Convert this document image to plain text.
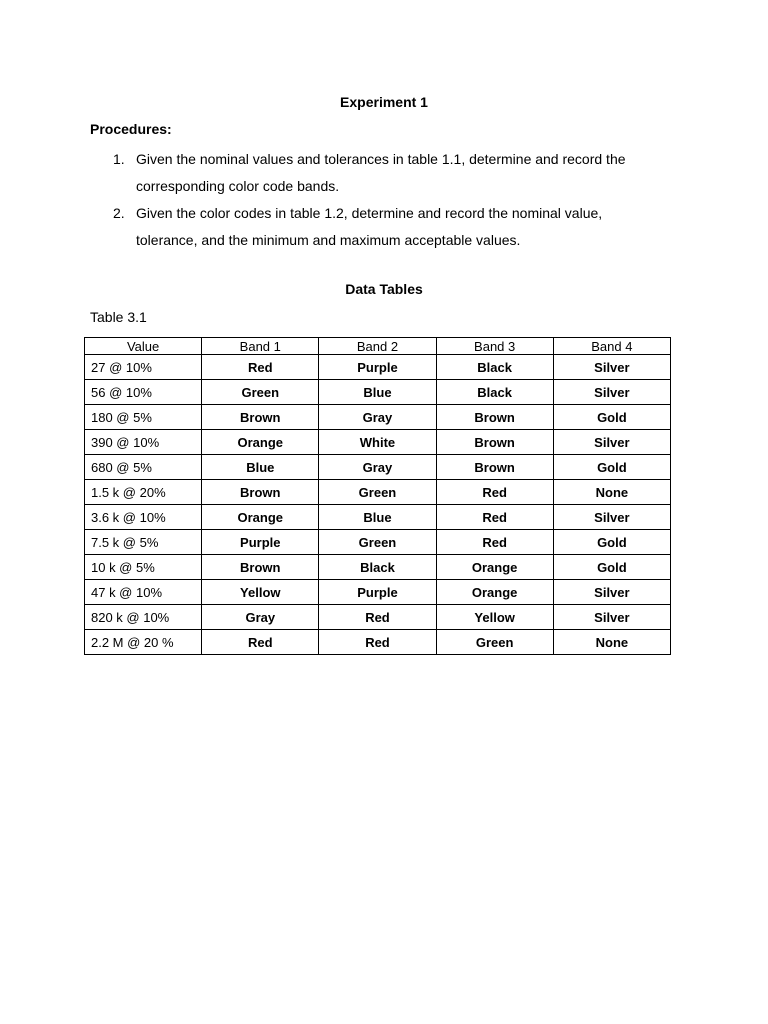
Experiment 1
Procedures:
1. Given the nominal values and tolerances in table 1.1, determine and record the
corresponding color code bands.
2. Given the color codes in table 1.2, determine and record the nominal value,
tolerance, and the minimum and maximum acceptable values.
Data Tables
Table 3.1
Value	Band 1	Band 2	Band 3	Band 4
27 @ 10%	Red	Purple	Black	Silver
56 @ 10%	Green	Blue	Black	Silver
180 @ 5%	Brown	Gray	Brown	Gold
390 @ 10%	Orange	White	Brown	Silver
680 @ 5%	Blue	Gray	Brown	Gold
1.5 k @ 20%	Brown	Green	Red	None
3.6 k @ 10%	Orange	Blue	Red	Silver
7.5 k @ 5%	Purple	Green	Red	Gold
10 k @ 5%	Brown	Black	Orange	Gold
47 k @ 10%	Yellow	Purple	Orange	Silver
820 k @ 10%	Gray	Red	Yellow	Silver
2.2 M @ 20 %	Red	Red	Green	None
